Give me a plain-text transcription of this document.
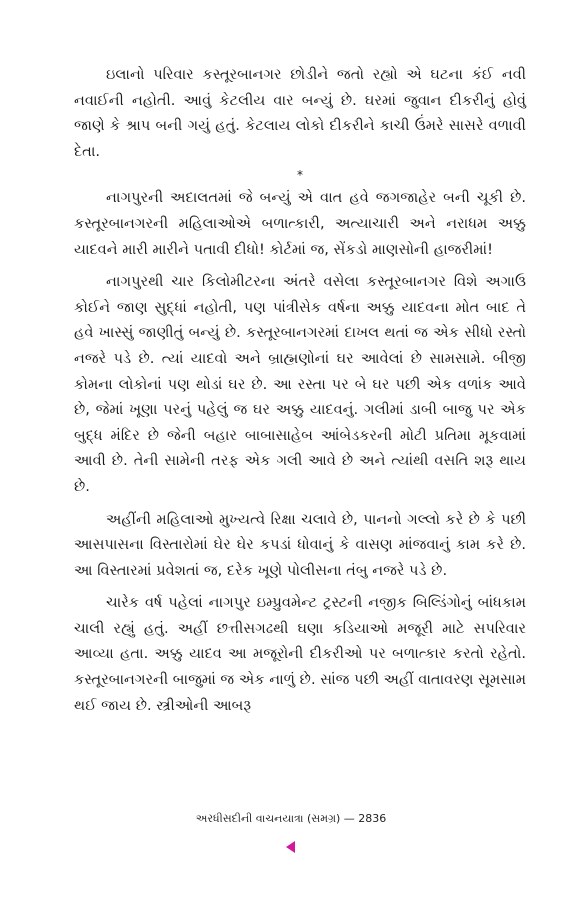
ઇલાનો પરિવાર કસ્તૂરબાનગર છોડીને જતો રહ્યો એ ઘટના કંઈ નવી નવાઈની નહોતી. આવું કેટલીય વાર બન્યું છે. ઘરમાં જુવાન દીકરીનું હોવું જાણે કે શ્રાપ બની ગયું હતું. કેટલાય લોકો દીકરીને કાચી ઉંમરે સાસરે વળાવી દેતા.

*

નાગપુરની અદાલતમાં જે બન્યું એ વાત હવે જગજાહેર બની ચૂકી છે. કસ્તૂરબાનગરની મહિલાઓએ બળાત્કારી, અત્યાચારી અને નરાધમ અક્કુ યાદવને મારી મારીને પતાવી દીધો! કોર્ટમાં જ, સેંકડો માણસોની હાજરીમાં!

નાગપુરથી ચાર કિલોમીટરના અંતરે વસેલા કસ્તૂરબાનગર વિશે અગાઉ કોઈને જાણ સુદ્ધાં નહોતી, પણ પાંત્રીસેક વર્ષના અક્કુ યાદવના મોત બાદ તે હવે ખાસ્સું જાણીતું બન્યું છે. કસ્તૂરબાનગરમાં દાખલ થતાં જ એક સીધો રસ્તો નજરે પડે છે. ત્યાં યાદવો અને બ્રાહ્મણોનાં ઘર આવેલાં છે સામસામે. બીજી કોમના લોકોનાં પણ થોડાં ઘર છે. આ રસ્તા પર બે ઘર પછી એક વળાંક આવે છે, જેમાં ખૂણા પરનું પહેલું જ ઘર અક્કુ યાદવનું. ગલીમાં ડાબી બાજુ પર એક બુદ્ધ મંદિર છે જેની બહાર બાબાસાહેબ આંબેડકરની મોટી પ્રતિમા મૂકવામાં આવી છે. તેની સામેની તરફ એક ગલી આવે છે અને ત્યાંથી વસતિ શરૂ થાય છે.

અહીંની મહિલાઓ મુખ્યત્વે રિક્ષા ચલાવે છે, પાનનો ગલ્લો કરે છે કે પછી આસપાસના વિસ્તારોમાં ઘેર ઘેર કપડાં ધોવાનું કે વાસણ માંજવાનું કામ કરે છે. આ વિસ્તારમાં પ્રવેશતાં જ, દરેક ખૂણે પોલીસના તંબુ નજરે પડે છે.

ચારેક વર્ષ પહેલાં નાગપુર ઇમ્પ્રુવમેન્ટ ટ્રસ્ટની નજીક બિલ્ડિંગોનું બાંધકામ ચાલી રહ્યું હતું. અહીં છત્તીસગઢથી ઘણા કડિયાઓ મજૂરી માટે સપરિવાર આવ્યા હતા. અક્કુ યાદવ આ મજૂરોની દીકરીઓ પર બળાત્કાર કરતો રહેતો. કસ્તૂરબાનગરની બાજુમાં જ એક નાળું છે. સાંજ પછી અહીં વાતાવરણ સૂમસામ થઈ જાય છે. સ્ત્રીઓની આબરૂ

અરધીસદીની વાચનયાત્રા (સમગ્ર) — 2836
